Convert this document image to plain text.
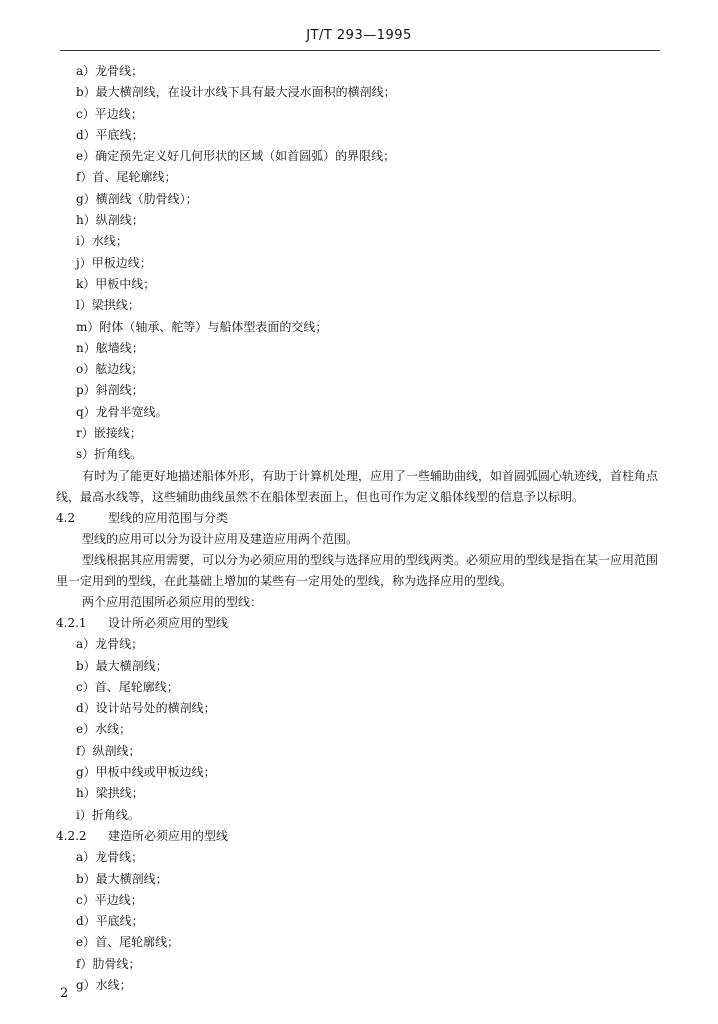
JT/T 293—1995
a）龙骨线；
b）最大横剖线，在设计水线下具有最大浸水面积的横剖线；
c）平边线；
d）平底线；
e）确定预先定义好几何形状的区域（如首圆弧）的界限线；
f）首、尾轮廓线；
g）横剖线（肋骨线）；
h）纵剖线；
i）水线；
j）甲板边线；
k）甲板中线；
l）梁拱线；
m）附体（轴承、舵等）与船体型表面的交线；
n）舷墙线；
o）舷边线；
p）斜剖线；
q）龙骨半宽线。
r）嵌接线；
s）折角线。
有时为了能更好地描述船体外形，有助于计算机处理，应用了一些辅助曲线，如首圆弧圆心轨迹线，首柱角点线，最高水线等，这些辅助曲线虽然不在船体型表面上，但也可作为定义船体线型的信息予以标明。
4.2	型线的应用范围与分类
型线的应用可以分为设计应用及建造应用两个范围。
型线根据其应用需要，可以分为必须应用的型线与选择应用的型线两类。必须应用的型线是指在某一应用范围里一定用到的型线，在此基础上增加的某些有一定用处的型线，称为选择应用的型线。
两个应用范围所必须应用的型线：
4.2.1 设计所必须应用的型线
a）龙骨线；
b）最大横剖线；
c）首、尾轮廓线；
d）设计站号处的横剖线；
e）水线；
f）纵剖线；
g）甲板中线或甲板边线；
h）梁拱线；
i）折角线。
4.2.2 建造所必须应用的型线
a）龙骨线；
b）最大横剖线；
c）平边线；
d）平底线；
e）首、尾轮廓线；
f）肋骨线；
g）水线；
2
